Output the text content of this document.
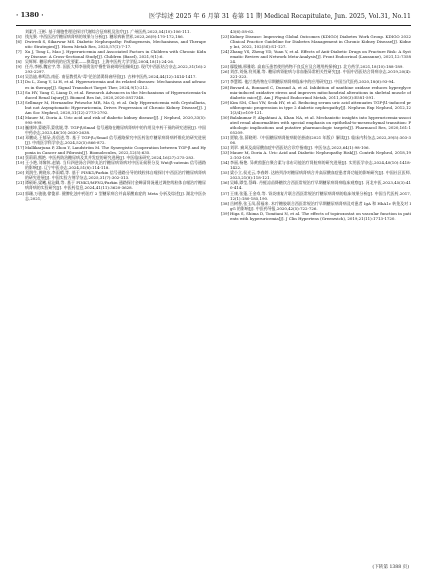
· 1380 ·	医学综述 2025 年 6 月第 31 卷第 11 期 Medical Recapitulate, Jun. 2025, Vol.31, No.11
刘素月,王彬. 基于细胞性理论探讨代谢综合征病机及治疗[J]. 广州医药,2023,54(10):106-111.
[5] 钱光聚. 中西医治疗糖尿病肾病的效果与分析[J]. 糖尿病新世界,2023,26(9):170-172,186.
[6] Dwivedi S, Sikarwar MS. Diabetic Nephropathy: Pathogenesis, Mechanisms, and Therapeutic Strategies[J]. Horm Metab Res, 2025,57(1):7-17.
[7] Xu J, Tong L, Mao J. Hyperuricemia and Associated Factors in Children with Chronic Kidney Disease: A Cross-Sectional Study[J]. Children (Basel), 2021,9(1):6.
[8] 吴辉辉. 糖尿病病机的启发要素——换毒[J]. 上海中医药大学学报,2004,18(1):24-26.
[9] 任丹,李彬,魏宏宇,等. 国医大师李佃贵治疗慢性肾衰竭经验撷英[J]. 现代中西医结合杂志,2022,31(16):2293-2297.
[10]吴浩迪,林鸣浩,南征. 南征教授从"毒"论治消渴肾衰经验[J]. 吉林中医药,2024,44(12):1414-1417.
[11]Du L, Zong Y, Li H, et al. Hyperuricemia and its related diseases: Mechanisms and advances in therapy[J]. Signal Transduct Target Ther, 2024,9(1):212.
[12]Su HY, Yang C, Liang D, et al. Research Advances in the Mechanisms of Hyperuricemia-Induced Renal Injury[J]. Biomed Res Int, 2020,2020:5817348.
[13]Sellmayr M, Hernandez Petzsche MR, Ma Q, et al. Only Hyperuricemia with Crystalluria, but not Asymptomatic Hyperuricemia, Drives Progression of Chronic Kidney Disease[J]. J Am Soc Nephrol, 2020,31(12):2773-2792.
[14]Mauer M, Doria A. Uric acid and risk of diabetic kidney disease[J]. J Nephrol, 2020,33(5):995-999.
[15]巍康坤,蒙晓萍,蒙欣媛,等. TGF-β/Smad 信号通路在糖尿病肾病中的作用及中药干预的研究进展[J]. 中国中药杂志,2023,48(10):2630-2638.
[16]邓鹏成,王郁朵,苏倍进,等. 基于 TGF-β₁/Smad 信号通路探究中医药治疗糖尿病肾病纤维化的研究进展[J]. 中南医学科学杂志,2024,52(5):866-872.
[17]Mallikarjuna P, Zhou Y, Landström M. The Synergistic Cooperation between TGF-β and Hypoxia in Cancer and Fibrosis[J]. Biomolecules, 2022,12(5):635.
[18]蔡莉莉,熊艳. 中医药防治糖尿病及其并发症的研究进展[J]. 中医临床研究,2024,16(27):275-283.
[19]王小艳,刘黎休,赵婧. 当归四逆汤合四妙丸治疗糖尿病肾病对中医证候积分及 Wnt/β-catenin 信号通路的影响[J]. 辽宁中医杂志,2024,51(8):114-118.
[20]刘润生,黄晓东,李雨晴,等. 基于 PINK1/Parkin 信号通路分导的线粒体自噬探讨中西医治疗糖尿病肾病的研究进展[J]. 中国实验方剂学杂志,2025,31(7):302-313.
[21]谭硕昕,梁曦,易沁卿,等. 基于 PINK1/MFN2/Parkin 通路探讨金蝉清肾汤通过调控线粒体自噬治疗糖尿病肾病的实验研究[J]. 中医药信息,2024,41(11):3620-3628.
[22]郭珊,万骏骏,徐俊祥. 健脾化浊中药治疗 2 型糖尿病合并高尿酸血症的 Meta 分析及综述[J]. 湖北中医杂志,2021,
43(6):58-62.
[23]Kidney Disease: Improving Global Outcomes (KDIGO) Diabetes Work Group. KDIGO 2022 Clinical Practice Guideline for Diabetes Management in Chronic Kidney Disease[J]. Kidney Int, 2022, 102(5S):S1-127.
[24]Zhang YS, Zheng YD, Yuan Y, et al. Effects of Anti-Diabetic Drugs on Fracture Risk: A Systematic Review and Network Meta-Analysis[J]. Front Endocrinol (Lausanne), 2021,12:735824.
[25]鄢俊楠,邢雅晗. 高血压患者使用药物不良反应及合理用药探析[J]. 北方药学,2021,18(10):188-189.
[26]刘彦,刘扬,符茂瑾,等. 糖尿病肾脏病与非血脂异常相关性研究[J]. 中国中西医结合肾病杂志,2019,20(4):321-323.
[27]李慧嫣. 他汀类药物在早期糖尿病肾病临床中的应用研究[J]. 中国当代医药,2020,18(6):93-94.
[28]Buvard A, Bonnard C, Durand A, et al. Inhibition of xanthine oxidase reduces hyperglycemia-induced oxidative stress and improves mitochondrial alterations in skeletal muscle of diabetic mice[J]. Am J Physiol Endocrinol Metab, 2011,300(3):E581-591.
[29]Kim SM, Choi YW, Seok HY, et al. Reducing serum uric acid attenuates TGF-β1-induced profibrogenic progression in type 2 diabetic nephropathy[J]. Nephron Exp Nephrol, 2012,121(3/4):e109-121.
[30]Balakumar P, Alqahtani A, Khan NA, et al. Mechanistic insights into hyperuricemia-associated renal abnormalities with special emphasis on epithelial-to-mesenchymal transition: Pathologic implications and putative pharmacologic targets[J]. Pharmacol Res, 2020,161:105209.
[31]贾敏,张,薛晓明.《中国糖尿病肾脏病防治指南(2021 年版)》解读[J]. 临床内科杂志,2022,39(5):303-306.
[32]刘翠. 痛风及高尿酸血症中西医结合诊疗指南[J]. 中医杂志,2023,64(1):98-106.
[33]Mauer M, Doria A. Uric Acid and Diabetic Nephropathy Risk[J]. Contrib Nephrol, 2018,192:103-109.
[34]李丽,杨艳. 异黄茵蛋白聚合素与非布司他治疗肾脏病的研究进展[J]. 实用医学杂志,2024,40(10):1418-1422.
[35]梁小立,侯光云,李春婷. 达格列净对糖尿病肾病合并高尿酸血症患者肾功能的影响研究[J]. 中国社区医师,2023,21(8):118-121.
[36]吴峰,谭莹,蔡峰. 丹蛭凉苗降糖饮合西医常规治疗早期糖尿病肾病临床观察[J]. 河北中医,2023,45(3):410-414.
[37]王康,张蓬,王金寿,等. 肾炎康复片联合西医常规治疗糖尿病肾病的临床效果分析[J]. 中国当代医药,2017,12(1):180-185,190.
[38]岳树香,张玉凤,薛福来. 木疗糖胶联合西医常规治疗早期糖尿病肾病及对患者 IgA 和 HbA1c 转免及对 IgG 的影响[J]. 中医药导报,2020,42(5):722-726.
[39]Higa S, Shima D, Tomitani N, et al. The effects of topiroxostat on vascular function in patients with hyperuricemia[J]. J Clin Hypertens (Greenwich), 2019,21(11):1713-1720.
(下转第 1388 页)
